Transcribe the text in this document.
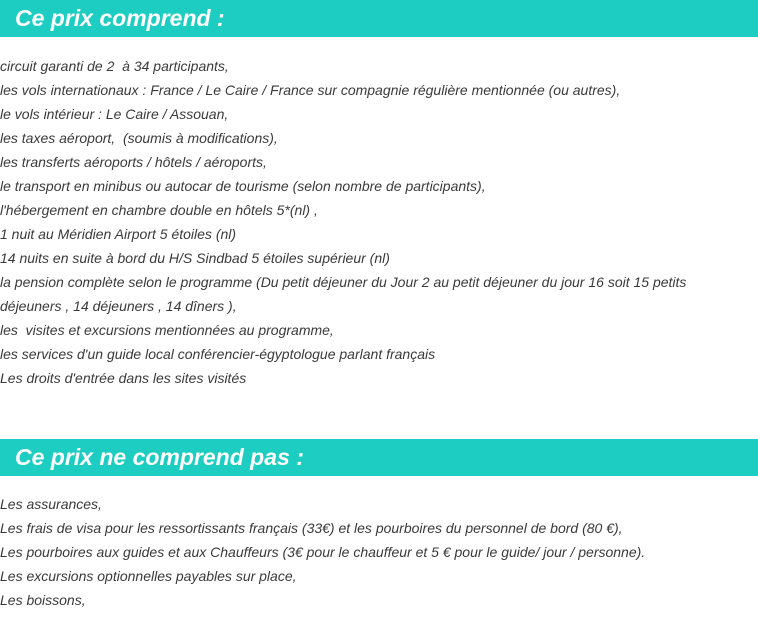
Ce prix comprend :
circuit garanti de 2  à 34 participants,
les vols internationaux : France / Le Caire / France sur compagnie régulière mentionnée (ou autres),
le vols intérieur : Le Caire / Assouan,
les taxes aéroport,  (soumis à modifications),
les transferts aéroports / hôtels / aéroports,
le transport en minibus ou autocar de tourisme (selon nombre de participants),
l'hébergement en chambre double en hôtels 5*(nl) ,
1 nuit au Méridien Airport 5 étoiles (nl)
14 nuits en suite à bord du H/S Sindbad 5 étoiles supérieur (nl)
la pension complète selon le programme (Du petit déjeuner du Jour 2 au petit déjeuner du jour 16 soit 15 petits
déjeuners , 14 déjeuners , 14 dîners ),
les  visites et excursions mentionnées au programme,
les services d'un guide local conférencier-égyptologue parlant français
Les droits d'entrée dans les sites visités
Ce prix ne comprend pas :
Les assurances,
Les frais de visa pour les ressortissants français (33€) et les pourboires du personnel de bord (80 €),
Les pourboires aux guides et aux Chauffeurs (3€ pour le chauffeur et 5 € pour le guide/ jour / personne).
Les excursions optionnelles payables sur place,
Les boissons,
